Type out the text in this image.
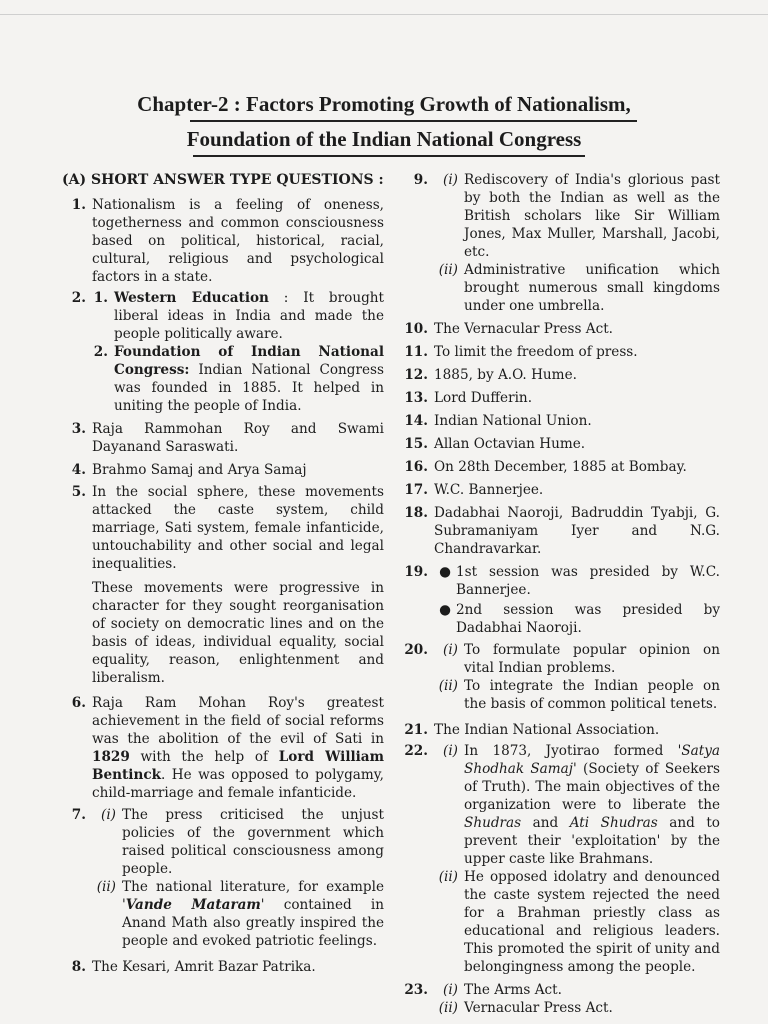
Chapter-2 : Factors Promoting Growth of Nationalism,
Foundation of the Indian National Congress
(A) SHORT ANSWER TYPE QUESTIONS :
1. Nationalism is a feeling of oneness, togetherness and common consciousness based on political, historical, racial, cultural, religious and psychological factors in a state.
2. 1. Western Education : It brought liberal ideas in India and made the people politically aware.
2. Foundation of Indian National Congress: Indian National Congress was founded in 1885. It helped in uniting the people of India.
3. Raja Rammohan Roy and Swami Dayanand Saraswati.
4. Brahmo Samaj and Arya Samaj
5. In the social sphere, these movements attacked the caste system, child marriage, Sati system, female infanticide, untouchability and other social and legal inequalities.
These movements were progressive in character for they sought reorganisation of society on democratic lines and on the basis of ideas, individual equality, social equality, reason, enlightenment and liberalism.
6. Raja Ram Mohan Roy's greatest achievement in the field of social reforms was the abolition of the evil of Sati in 1829 with the help of Lord William Bentinck. He was opposed to polygamy, child-marriage and female infanticide.
7.	(i) The press criticised the unjust policies of the government which raised political consciousness among people.
(ii) The national literature, for example 'Vande Mataram' contained in Anand Math also greatly inspired the people and evoked patriotic feelings.
8. The Kesari, Amrit Bazar Patrika.
9.	(i) Rediscovery of India's glorious past by both the Indian as well as the British scholars like Sir William Jones, Max Muller, Marshall, Jacobi, etc.
(ii) Administrative unification which brought numerous small kingdoms under one umbrella.
10. The Vernacular Press Act.
11. To limit the freedom of press.
12. 1885, by A.O. Hume.
13. Lord Dufferin.
14. Indian National Union.
15. Allan Octavian Hume.
16. On 28th December, 1885 at Bombay.
17. W.C. Bannerjee.
18. Dadabhai Naoroji, Badruddin Tyabji, G. Subramaniyam Iyer and N.G. Chandravarkar.
19. ● 1st session was presided by W.C. Bannerjee.
● 2nd session was presided by Dadabhai Naoroji.
20.	(i) To formulate popular opinion on vital Indian problems.
(ii) To integrate the Indian people on the basis of common political tenets.
21. The Indian National Association.
22.	(i) In 1873, Jyotirao formed 'Satya Shodhak Samaj' (Society of Seekers of Truth). The main objectives of the organization were to liberate the Shudras and Ati Shudras and to prevent their 'exploitation' by the upper caste like Brahmans.
(ii) He opposed idolatry and denounced the caste system rejected the need for a Brahman priestly class as educational and religious leaders. This promoted the spirit of unity and belongingness among the people.
23.	(i) The Arms Act.
(ii) Vernacular Press Act.
